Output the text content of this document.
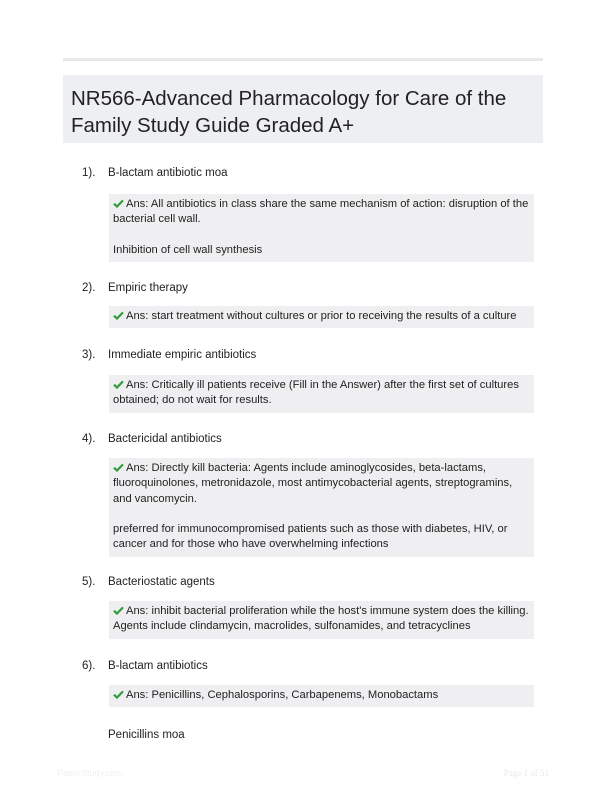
NR566-Advanced Pharmacology for Care of the Family Study Guide Graded A+
1). B-lactam antibiotic moa

Ans: All antibiotics in class share the same mechanism of action: disruption of the bacterial cell wall.

Inhibition of cell wall synthesis

2). Empiric therapy

Ans: start treatment without cultures or prior to receiving the results of a culture

3). Immediate empiric antibiotics

Ans: Critically ill patients receive (Fill in the Answer) after the first set of cultures obtained; do not wait for results.

4). Bactericidal antibiotics

Ans: Directly kill bacteria: Agents include aminoglycosides, beta-lactams, fluoroquinolones, metronidazole, most antimycobacterial agents, streptogramins, and vancomycin.

preferred for immunocompromised patients such as those with diabetes, HIV, or cancer and for those who have overwhelming infections

5). Bacteriostatic agents

Ans: inhibit bacterial proliferation while the host's immune system does the killing. Agents include clindamycin, macrolides, sulfonamides, and tetracyclines

6). B-lactam antibiotics

Ans: Penicillins, Cephalosporins, Carbapenems, Monobactams

Penicillins moa
PaperStudy.com	Page 1 of 51
